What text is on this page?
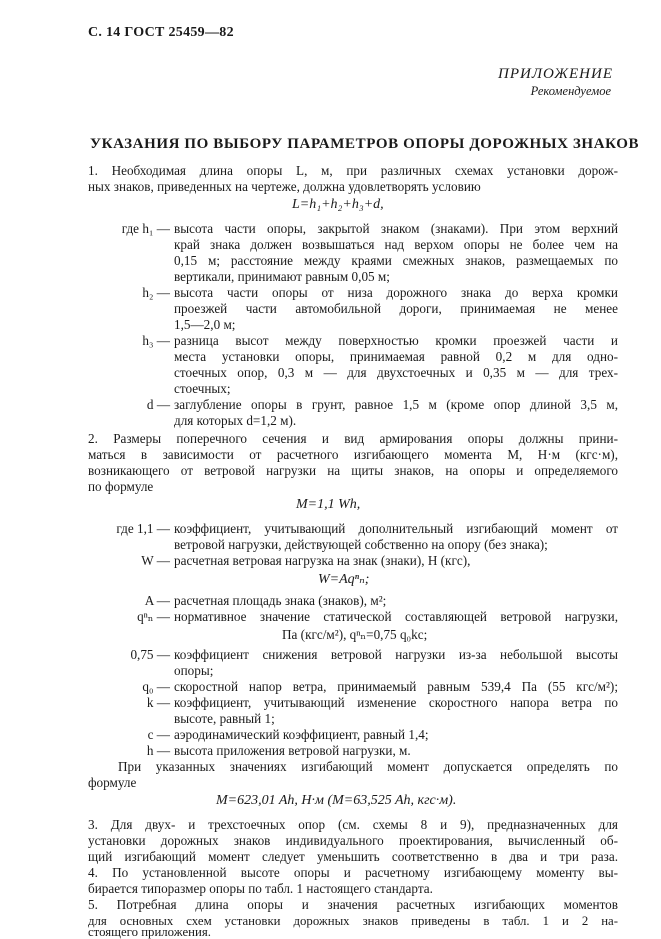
С. 14 ГОСТ 25459—82
ПРИЛОЖЕНИЕ
Рекомендуемое
УКАЗАНИЯ ПО ВЫБОРУ ПАРАМЕТРОВ ОПОРЫ ДОРОЖНЫХ ЗНАКОВ
1. Необходимая длина опоры L, м, при различных схемах установки дорож-
ных знаков, приведенных на чертеже, должна удовлетворять условию
L=h₁+h₂+h₃+d,
где h₁ — высота части опоры, закрытой знаком (знаками). При этом верхний
край знака должен возвышаться над верхом опоры не более чем на
0,15 м; расстояние между краями смежных знаков, размещаемых по
вертикали, принимают равным 0,05 м;
h₂ — высота части опоры от низа дорожного знака до верха кромки
проезжей части автомобильной дороги, принимаемая не менее
1,5—2,0 м;
h₃ — разница высот между поверхностью кромки проезжей части и
места установки опоры, принимаемая равной 0,2 м для одно-
стоечных опор, 0,3 м — для двухстоечных и 0,35 м — для трех-
стоечных;
d — заглубление опоры в грунт, равное 1,5 м (кроме опор длиной 3,5 м,
для которых d=1,2 м).
2. Размеры поперечного сечения и вид армирования опоры должны прини-
маться в зависимости от расчетного изгибающего момента М, Н·м (кгс·м),
возникающего от ветровой нагрузки на щиты знаков, на опоры и определяемого
по формуле
M=1,1 Wh,
где 1,1 — коэффициент, учитывающий дополнительный изгибающий момент от
ветровой нагрузки, действующей собственно на опору (без знака);
W — расчетная ветровая нагрузка на знак (знаки), Н (кгс),
W=Aqⁿₙ;
A — расчетная площадь знака (знаков), м²;
qⁿₙ — нормативное значение статической составляющей ветровой нагрузки,
Па (кгс/м²), qⁿₙ=0,75 q₀kc;
0,75 — коэффициент снижения ветровой нагрузки из-за небольшой высоты
опоры;
q₀ — скоростной напор ветра, принимаемый равным 539,4 Па (55 кгс/м²);
k — коэффициент, учитывающий изменение скоростного напора ветра по
высоте, равный 1;
c — аэродинамический коэффициент, равный 1,4;
h — высота приложения ветровой нагрузки, м.
При указанных значениях изгибающий момент допускается определять по
формуле
M=623,01 Ah, Н·м (M=63,525 Ah, кгс·м).
3. Для двух- и трехстоечных опор (см. схемы 8 и 9), предназначенных для
установки дорожных знаков индивидуального проектирования, вычисленный об-
щий изгибающий момент следует уменьшить соответственно в два и три раза.
4. По установленной высоте опоры и расчетному изгибающему моменту вы-
бирается типоразмер опоры по табл. 1 настоящего стандарта.
5. Потребная длина опоры и значения расчетных изгибающих моментов
для основных схем установки дорожных знаков приведены в табл. 1 и 2 на-
стоящего приложения.
